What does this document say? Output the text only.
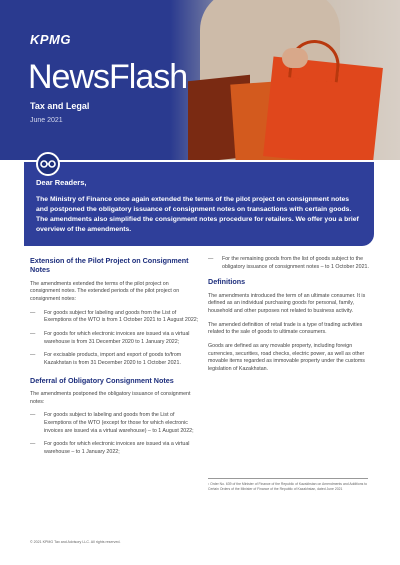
KPMG
NewsFlash
Tax and Legal
June 2021
Dear Readers,
The Ministry of Finance once again extended the terms of the pilot project on consignment notes and postponed the obligatory issuance of consignment notes on transactions with certain goods. The amendments also simplified the consignment notes procedure for retailers. We offer you a brief overview of the amendments.
Extension of the Pilot Project on Consignment Notes
The amendments extended the terms of the pilot project on consignment notes. The extended periods of the pilot project on consignment notes:
—	For goods subject for labeling and goods from the List of Exemptions of the WTO is from 1 October 2021 to 1 August 2022;
—	For goods for which electronic invoices are issued via a virtual warehouse is from 31 December 2020 to 1 January 2022;
—	For excisable products, import and export of goods to/from Kazakhstan is from 31 December 2020 to 1 October 2021.
Deferral of Obligatory Consignment Notes
The amendments postponed the obligatory issuance of consignment notes:
—	For goods subject to labeling and goods from the List of Exemptions of the WTO (except for those for which electronic invoices are issued via a virtual warehouse) – to 1 August 2022;
—	For goods for which electronic invoices are issued via a virtual warehouse – to 1 January 2022;
—	For the remaining goods from the list of goods subject to the obligatory issuance of consignment notes – to 1 October 2021.
Definitions
The amendments introduced the term of an ultimate consumer. It is defined as an individual purchasing goods for personal, family, household and other purposes not related to business activity.
The amended definition of retail trade is a type of trading activities related to the sale of goods to ultimate consumers.
Goods are defined as any movable property, including foreign currencies, securities, road checks, electric power, as well as other movable items regarded as immovable property under the customs legislation of Kazakhstan.
¹ Order No. 639 of the Minister of Finance of the Republic of Kazakhstan on Amendments and Additions to Certain Orders of the Minister of Finance of the Republic of Kazakhstan, dated June 2021
© 2021 KPMG Tax and Advisory LLC. All rights reserved.
